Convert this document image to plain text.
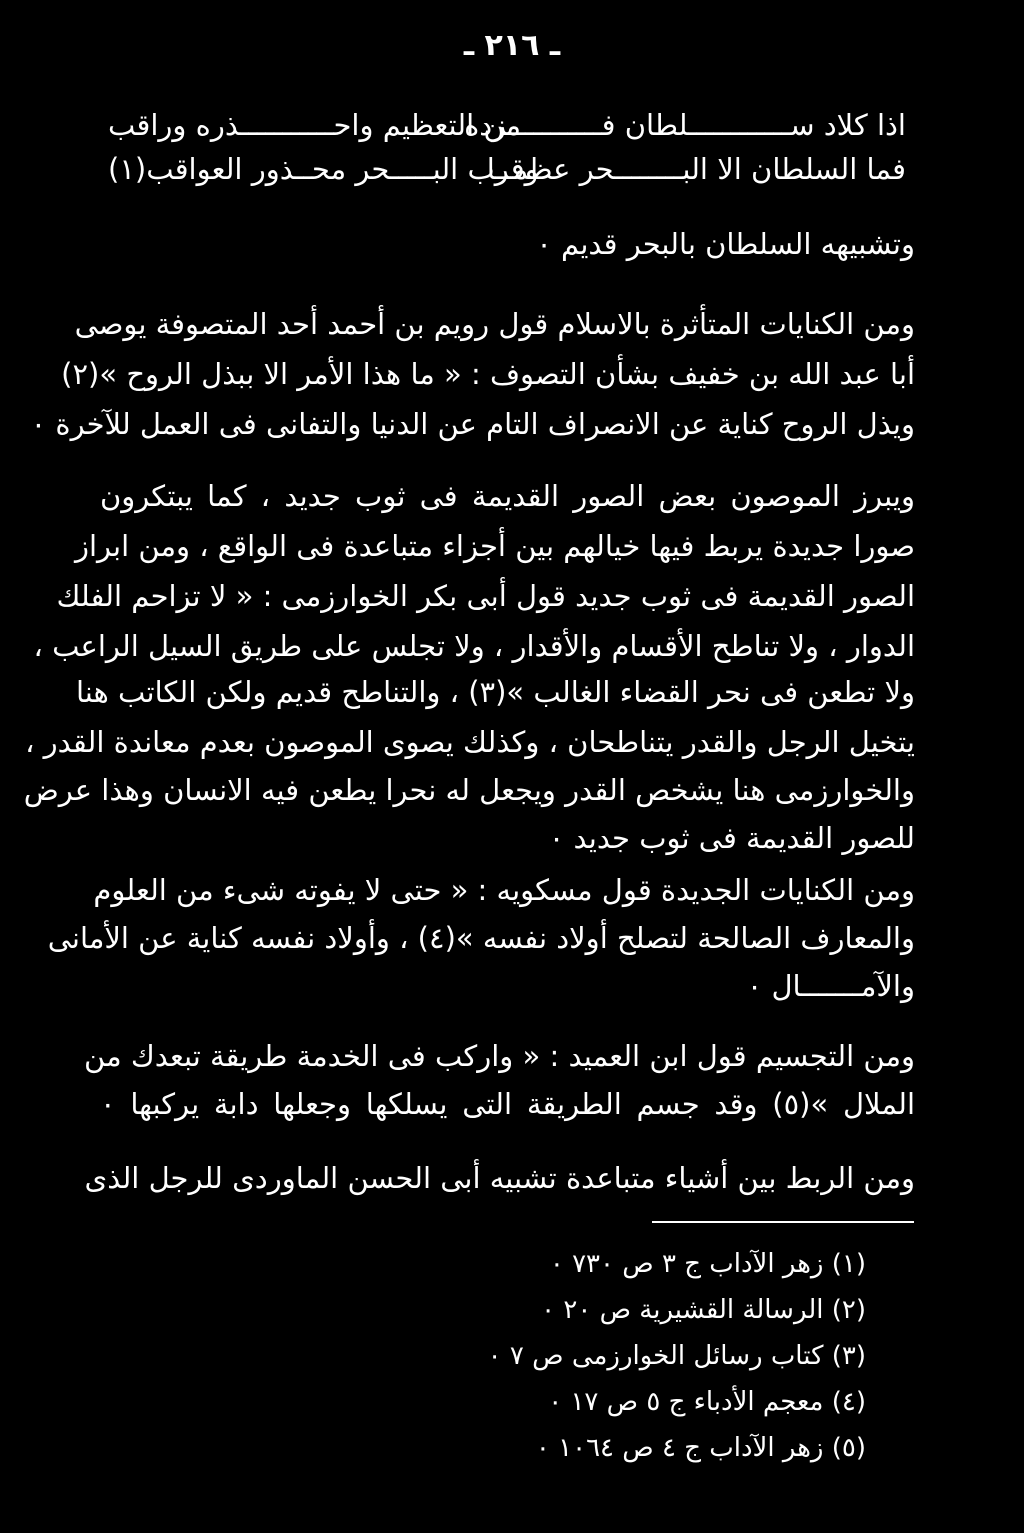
ـ ٢١٦ ـ
اذا كلاد ســــــــــــلطان فـــــــــــزده
من التعظيم واحـــــــــــذره وراقب
فما السلطان الا البــــــــحر عظمــا
وقرب البـــــحر محــذور العواقب(١)
وتشبيهه السلطان بالبحر قديم ٠
ومن الكنايات المتأثرة بالاسلام قول رويم بن أحمد أحد المتصوفة يوصى
أبا عبد الله بن خفيف بشأن التصوف : « ما هذا الأمر الا ببذل الروح »(٢)
ويذل الروح كناية عن الانصراف التام عن الدنيا والتفانى فى العمل للآخرة ٠
ويبرز الموصون بعض الصور القديمة فى ثوب جديد ، كما يبتكرون
صورا جديدة يربط فيها خيالهم بين أجزاء متباعدة فى الواقع ، ومن ابراز
الصور القديمة فى ثوب جديد قول أبى بكر الخوارزمى : « لا تزاحم الفلك
الدوار ، ولا تناطح الأقسام والأقدار ، ولا تجلس على طريق السيل الراعب ،
ولا تطعن فى نحر القضاء الغالب »(٣) ، والتناطح قديم ولكن الكاتب هنا
يتخيل الرجل والقدر يتناطحان ، وكذلك يصوى الموصون بعدم معاندة القدر ،
والخوارزمى هنا يشخص القدر ويجعل له نحرا يطعن فيه الانسان وهذا عرض
للصور القديمة فى ثوب جديد ٠
ومن الكنايات الجديدة قول مسكويه : « حتى لا يفوته شىء من العلوم
والمعارف الصالحة لتصلح أولاد نفسه »(٤) ، وأولاد نفسه كناية عن الأمانى
والآمـــــــال ٠
ومن التجسيم قول ابن العميد : « واركب فى الخدمة طريقة تبعدك من
الملال »(٥) وقد جسم الطريقة التى يسلكها وجعلها دابة يركبها ٠
ومن الربط بين أشياء متباعدة تشبيه أبى الحسن الماوردى للرجل الذى
(١) زهر الآداب ج ٣ ص ٧٣٠ ٠
(٢) الرسالة القشيرية ص ٢٠ ٠
(٣) كتاب رسائل الخوارزمى ص ٧ ٠
(٤) معجم الأدباء ج ٥ ص ١٧ ٠
(٥) زهر الآداب ج ٤ ص ١٠٦٤ ٠
